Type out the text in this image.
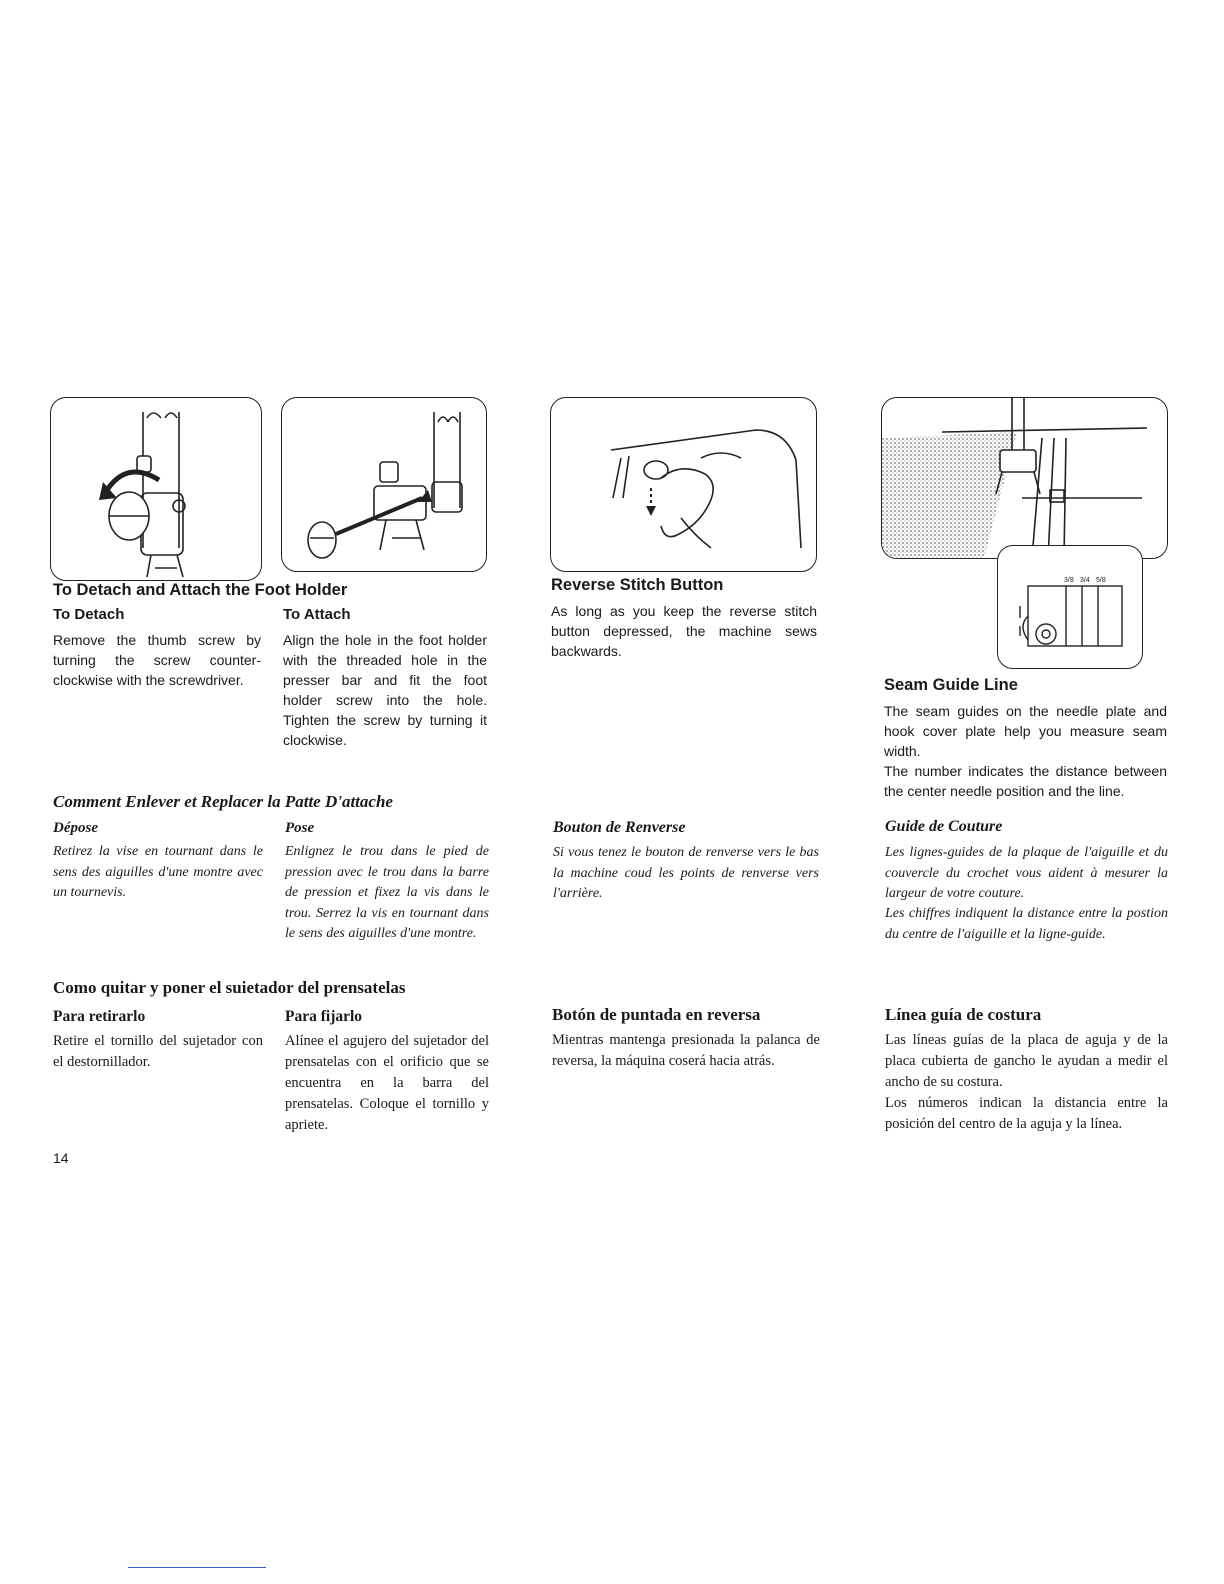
3/8 3/4 5/8
To Detach and Attach the Foot Holder
To Detach
Remove the thumb screw by turning the screw counter-clockwise with the screwdriver.
To Attach
Align the hole in the foot holder with the threaded hole in the presser bar and fit the foot holder screw into the hole. Tighten the screw by turning it clockwise.
Comment Enlever et Replacer la Patte D'attache
Dépose
Retirez la vise en tournant dans le sens des aiguilles d'une montre avec un tournevis.
Pose
Enlignez le trou dans le pied de pression avec le trou dans la barre de pression et fixez la vis dans le trou. Serrez la vis en tournant dans le sens des aiguilles d'une montre.
Como quitar y poner el suietador del prensatelas
Para retirarlo
Retire el tornillo del sujetador con el destornillador.
Para fijarlo
Alínee el agujero del sujetador del prensatelas con el orificio que se encuentra en la barra del prensatelas. Coloque el tornillo y apriete.
Reverse Stitch Button
As long as you keep the reverse stitch button depressed, the machine sews backwards.
Bouton de Renverse
Si vous tenez le bouton de renverse vers le bas la machine coud les points de renverse vers l'arrière.
Botón de puntada en reversa
Mientras mantenga presionada la palanca de reversa, la máquina coserá hacia atrás.
Seam Guide Line
The seam guides on the needle plate and hook cover plate help you measure seam width.
The number indicates the distance between the center needle position and the line.
Guide de Couture
Les lignes-guides de la plaque de l'aiguille et du couvercle du crochet vous aident à mesurer la largeur de votre couture.
Les chiffres indiquent la distance entre la postion du centre de l'aiguille et la ligne-guide.
Línea guía de costura
Las líneas guías de la placa de aguja y de la placa cubierta de gancho le ayudan a medir el ancho de su costura.
Los números indican la distancia entre la posición del centro de la aguja y la línea.
14
